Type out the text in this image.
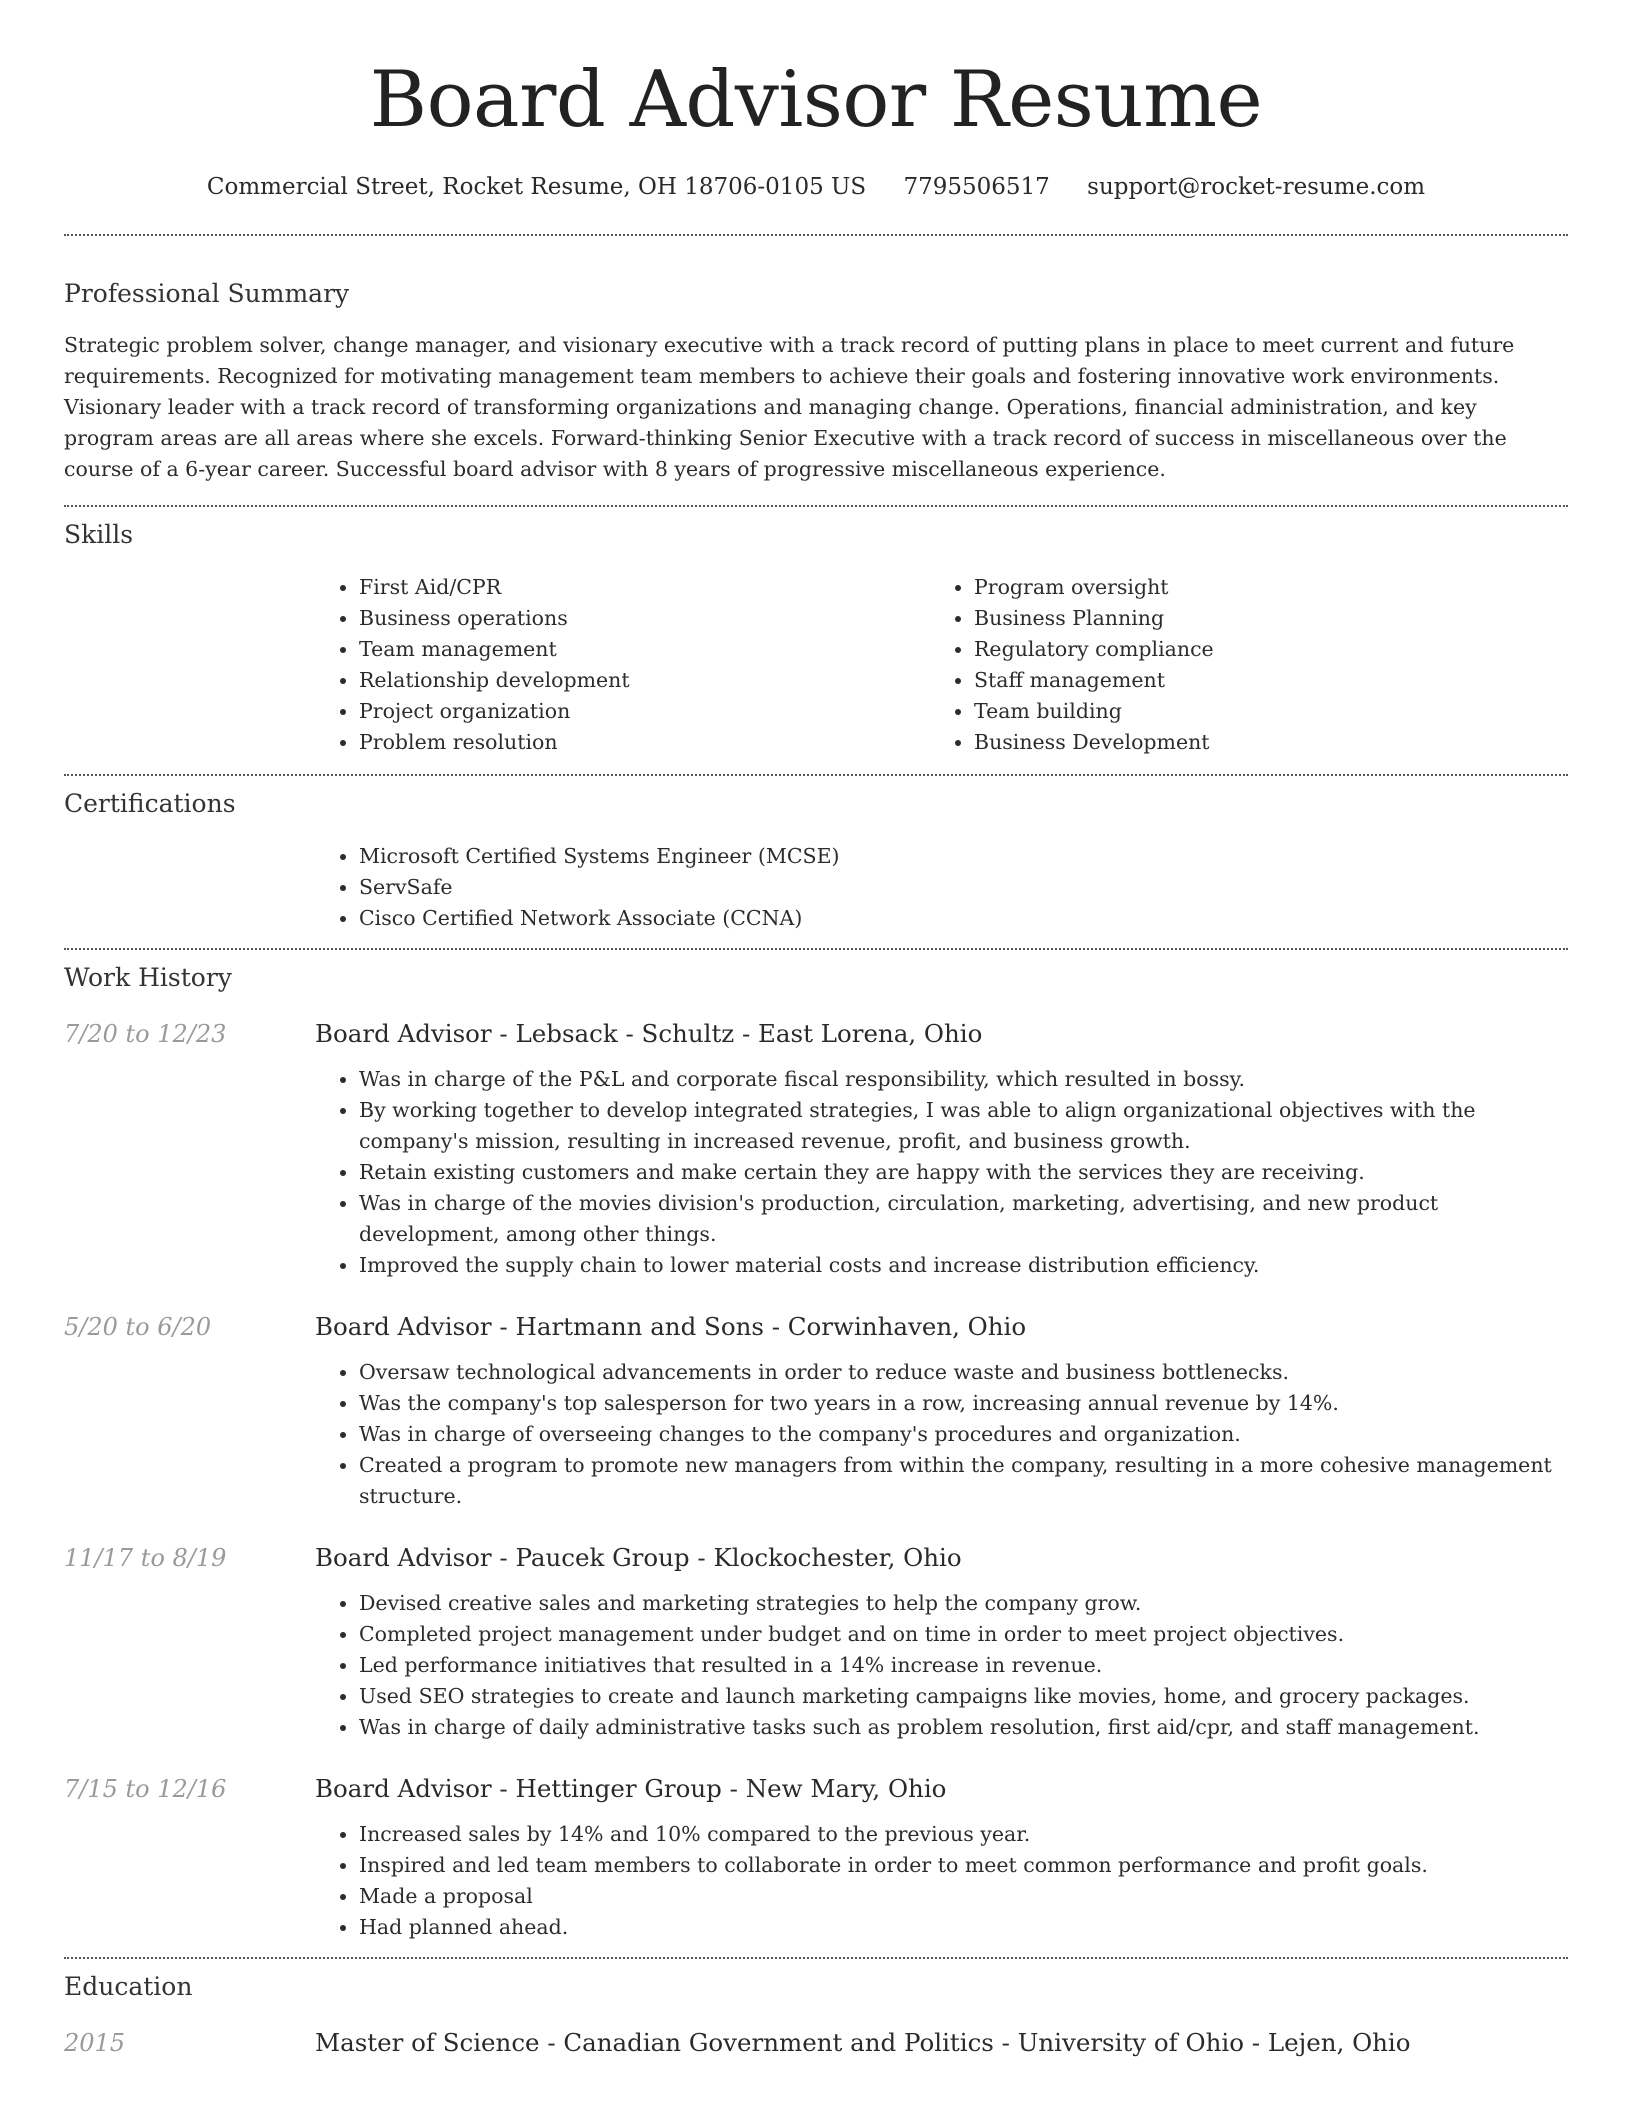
Board Advisor Resume
Commercial Street, Rocket Resume, OH 18706-0105 US 7795506517 support@rocket-resume.com
Professional Summary

Strategic problem solver, change manager, and visionary executive with a track record of putting plans in place to meet current and future requirements. Recognized for motivating management team members to achieve their goals and fostering innovative work environments. Visionary leader with a track record of transforming organizations and managing change. Operations, financial administration, and key program areas are all areas where she excels. Forward-thinking Senior Executive with a track record of success in miscellaneous over the course of a 6-year career. Successful board advisor with 8 years of progressive miscellaneous experience.

Skills
• First Aid/CPR
• Business operations
• Team management
• Relationship development
• Project organization
• Problem resolution
• Program oversight
• Business Planning
• Regulatory compliance
• Staff management
• Team building
• Business Development
Certifications
• Microsoft Certified Systems Engineer (MCSE)
• ServSafe
• Cisco Certified Network Associate (CCNA)
Work History
7/20 to 12/23	Board Advisor - Lebsack - Schultz - East Lorena, Ohio
• Was in charge of the P&L and corporate fiscal responsibility, which resulted in bossy.
• By working together to develop integrated strategies, I was able to align organizational objectives with the company's mission, resulting in increased revenue, profit, and business growth.
• Retain existing customers and make certain they are happy with the services they are receiving.
• Was in charge of the movies division's production, circulation, marketing, advertising, and new product development, among other things.
• Improved the supply chain to lower material costs and increase distribution efficiency.
5/20 to 6/20	Board Advisor - Hartmann and Sons - Corwinhaven, Ohio
• Oversaw technological advancements in order to reduce waste and business bottlenecks.
• Was the company's top salesperson for two years in a row, increasing annual revenue by 14%.
• Was in charge of overseeing changes to the company's procedures and organization.
• Created a program to promote new managers from within the company, resulting in a more cohesive management structure.
11/17 to 8/19	Board Advisor - Paucek Group - Klockochester, Ohio
• Devised creative sales and marketing strategies to help the company grow.
• Completed project management under budget and on time in order to meet project objectives.
• Led performance initiatives that resulted in a 14% increase in revenue.
• Used SEO strategies to create and launch marketing campaigns like movies, home, and grocery packages.
• Was in charge of daily administrative tasks such as problem resolution, first aid/cpr, and staff management.
7/15 to 12/16	Board Advisor - Hettinger Group - New Mary, Ohio
• Increased sales by 14% and 10% compared to the previous year.
• Inspired and led team members to collaborate in order to meet common performance and profit goals.
• Made a proposal
• Had planned ahead.
Education
2015	Master of Science - Canadian Government and Politics - University of Ohio - Lejen, Ohio
